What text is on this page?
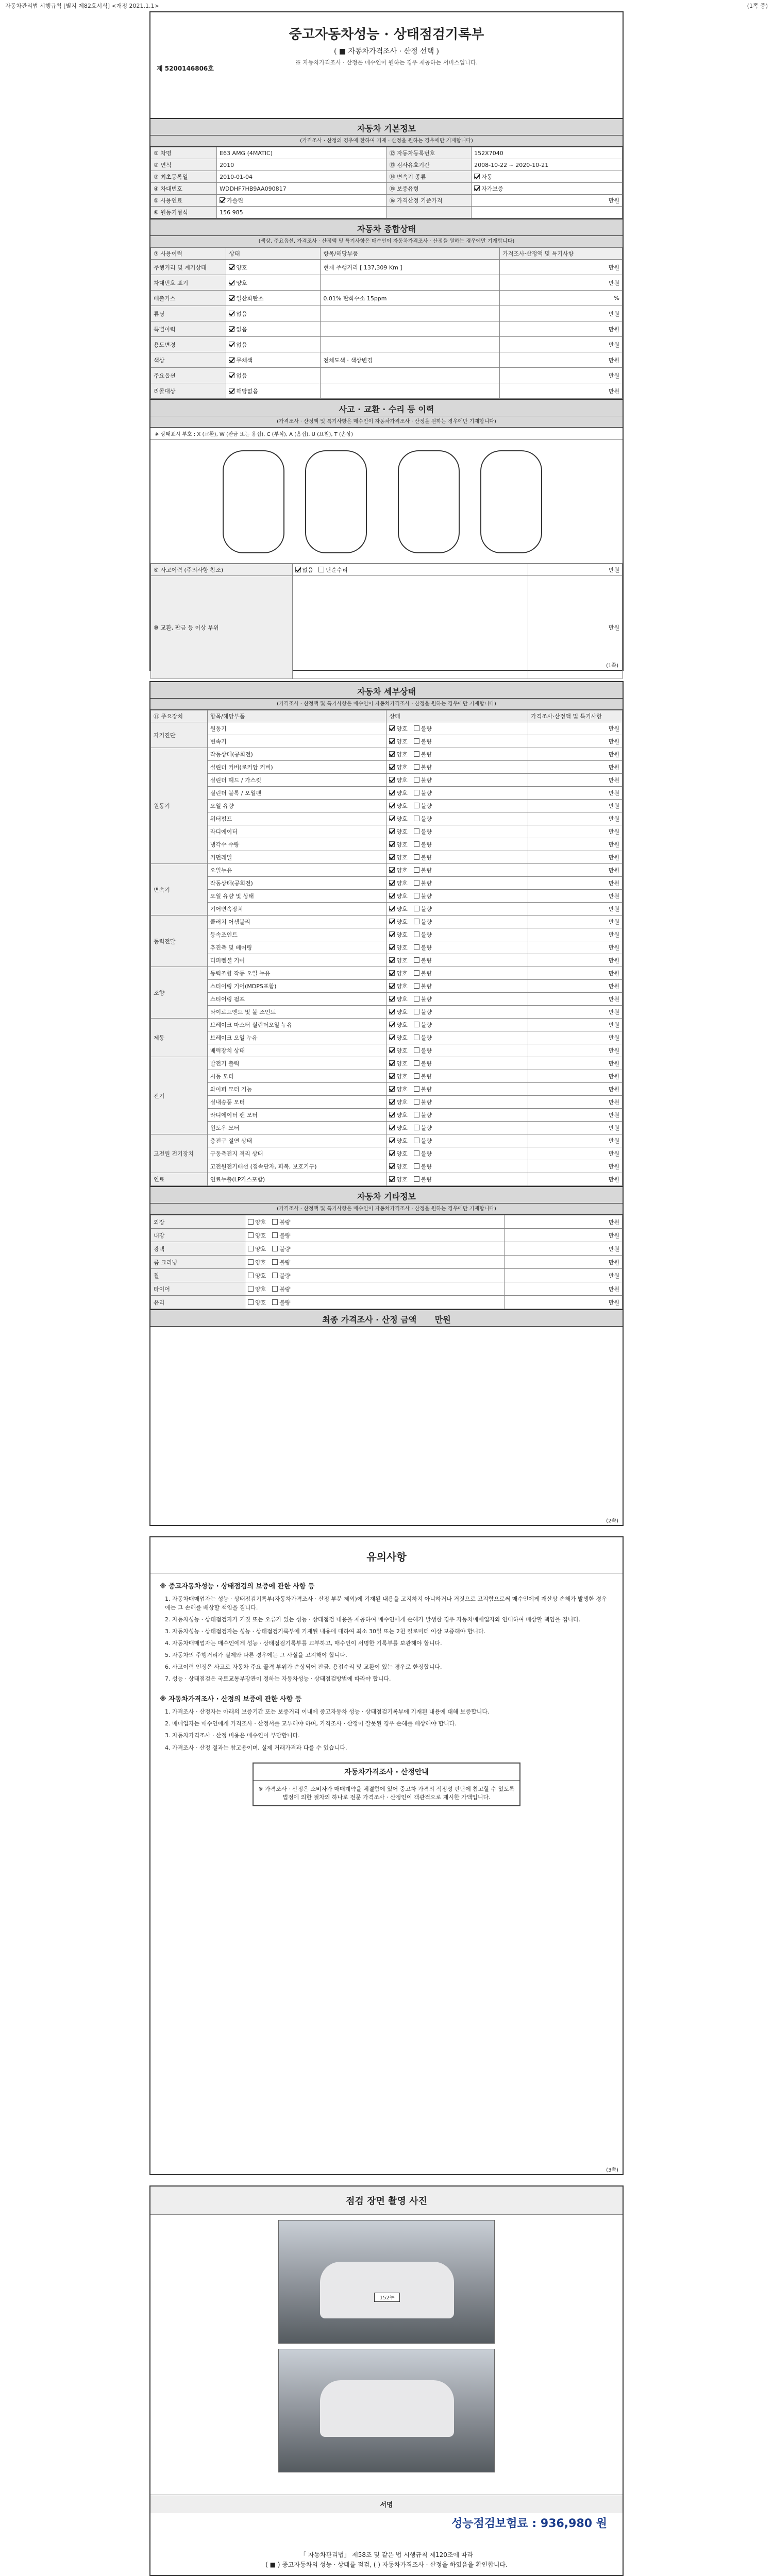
자동차관리법 시행규칙 [별지 제82호서식] <개정 2021.1.1>	(1쪽 중)
중고자동차성능 · 상태점검기록부
( ■ 자동차가격조사 · 산정 선택 )
※ 자동차가격조사 · 산정은 매수인이 원하는 경우 제공하는 서비스입니다.
제 5200146806호
자동차 기본정보
(가격조사 · 산정의 경우에 한하여 기재 · 산정을 원하는 경우에만 기재합니다)
① 차명	E63 AMG (4MATIC)	⑫ 자동차등록번호	152X7040
② 연식	2010	⑬ 검사유효기간	2008-10-22 ~ 2020-10-21
③ 최초등록일	2010-01-04	⑭ 변속기 종류	자동
④ 차대번호	WDDHF7HB9AA090817	⑮ 보증유형	자가보증
⑤ 사용연료	가솔린	⑯ 가격산정 기준가격	만원
⑥ 원동기형식	156 985		
자동차 종합상태
(색상, 주요옵션, 가격조사 · 산정액 및 특기사항은 매수인이 자동차가격조사 · 산정을 원하는 경우에만 기재합니다)
⑦ 사용이력	상태	항목/해당부품	가격조사·산정액 및 특기사항
주행거리 및 계기상태	양호	현재 주행거리 [ 137,309 Km ]	만원
차대번호 표기	양호		만원
배출가스	일산화탄소	0.01% 탄화수소 15ppm	%
튜닝	없음		만원
특별이력	없음		만원
용도변경	없음		만원
색상	무채색	전체도색 · 색상변경	만원
주요옵션	없음		만원
리콜대상	해당없음		만원
사고 · 교환 · 수리 등 이력
(가격조사 · 산정액 및 특기사항은 매수인이 자동차가격조사 · 산정을 원하는 경우에만 기재합니다)
※ 상태표시 부호 : X (교환), W (판금 또는 용접), C (부식), A (흠집), U (요철), T (손상)
⑨ 사고이력 (주의사항 참조)	없음 단순수리	만원
⑩ 교환, 판금 등 이상 부위		만원
(1쪽)
자동차 세부상태
(가격조사 · 산정액 및 특기사항은 매수인이 자동차가격조사 · 산정을 원하는 경우에만 기재합니다)
⑪ 주요장치	항목/해당부품	상태	가격조사·산정액 및 특기사항
자기진단	원동기	양호 불량	만원
	변속기	양호 불량	만원
원동기	작동상태(공회전)	양호 불량	만원
	실린더 커버(로커암 커버)	양호 불량	만원
	실린더 헤드 / 가스킷	양호 불량	만원
	실린더 블록 / 오일팬	양호 불량	만원
	오일 유량	양호 불량	만원
	워터펌프	양호 불량	만원
	라디에이터	양호 불량	만원
	냉각수 수량	양호 불량	만원
	커먼레일	양호 불량	만원
변속기	오일누유	양호 불량	만원
	작동상태(공회전)	양호 불량	만원
	오일 유량 및 상태	양호 불량	만원
	기어변속장치	양호 불량	만원
동력전달	클러치 어셈블리	양호 불량	만원
	등속조인트	양호 불량	만원
	추진축 및 베어링	양호 불량	만원
	디퍼렌셜 기어	양호 불량	만원
조향	동력조향 작동 오일 누유	양호 불량	만원
	스티어링 기어(MDPS포함)	양호 불량	만원
	스티어링 펌프	양호 불량	만원
	타이로드엔드 및 볼 조인트	양호 불량	만원
제동	브레이크 마스터 실린더오일 누유	양호 불량	만원
	브레이크 오일 누유	양호 불량	만원
	배력장치 상태	양호 불량	만원
전기	발전기 출력	양호 불량	만원
	시동 모터	양호 불량	만원
	와이퍼 모터 기능	양호 불량	만원
	실내송풍 모터	양호 불량	만원
	라디에이터 팬 모터	양호 불량	만원
	윈도우 모터	양호 불량	만원
고전원 전기장치	충전구 절연 상태	양호 불량	만원
	구동축전지 격리 상태	양호 불량	만원
	고전원전기배선 (접속단자, 피복, 보호기구)	양호 불량	만원
연료	연료누출(LP가스포함)	양호 불량	만원
자동차 기타정보
(가격조사 · 산정액 및 특기사항은 매수인이 자동차가격조사 · 산정을 원하는 경우에만 기재합니다)
외장	양호 불량	만원
내장	양호 불량	만원
광택	양호 불량	만원
룸 크리닝	양호 불량	만원
휠	양호 불량	만원
타이어	양호 불량	만원
유리	양호 불량	만원
최종 가격조사 · 산정 금액 만원
(2쪽)
유의사항
※ 중고자동차성능 · 상태점검의 보증에 관한 사항 등
1. 자동차매매업자는 성능 · 상태점검기록부(자동차가격조사 · 산정 부분 제외)에 기재된 내용을 고지하지 아니하거나 거짓으로 고지함으로써 매수인에게 재산상 손해가 발생한 경우에는 그 손해를 배상할 책임을 집니다.
2. 자동차성능 · 상태점검자가 거짓 또는 오류가 있는 성능 · 상태점검 내용을 제공하여 매수인에게 손해가 발생한 경우 자동차매매업자와 연대하여 배상할 책임을 집니다.
3. 자동차성능 · 상태점검자는 성능 · 상태점검기록부에 기재된 내용에 대하여 최소 30일 또는 2천 킬로미터 이상 보증해야 합니다.
4. 자동차매매업자는 매수인에게 성능 · 상태점검기록부를 교부하고, 매수인이 서명한 기록부를 보관해야 합니다.
5. 자동차의 주행거리가 실제와 다른 경우에는 그 사실을 고지해야 합니다.
6. 사고이력 인정은 사고로 자동차 주요 골격 부위가 손상되어 판금, 용접수리 및 교환이 있는 경우로 한정합니다.
7. 성능 · 상태점검은 국토교통부장관이 정하는 자동차성능 · 상태점검방법에 따라야 합니다.
※ 자동차가격조사 · 산정의 보증에 관한 사항 등
1. 가격조사 · 산정자는 아래의 보증기간 또는 보증거리 이내에 중고자동차 성능 · 상태점검기록부에 기재된 내용에 대해 보증합니다.
2. 매매업자는 매수인에게 가격조사 · 산정서를 교부해야 하며, 가격조사 · 산정이 잘못된 경우 손해를 배상해야 합니다.
3. 자동차가격조사 · 산정 비용은 매수인이 부담합니다.
4. 가격조사 · 산정 결과는 참고용이며, 실제 거래가격과 다를 수 있습니다.
자동차가격조사 · 산정안내
※ 가격조사 · 산정은 소비자가 매매계약을 체결함에 있어 중고차 가격의 적정성 판단에 참고할 수 있도록 법정에 의한 절차의 하나로 전문 가격조사 · 산정인이 객관적으로 제시한 가액입니다.
(3쪽)
점검 장면 촬영 사진
152누
서명
성능점검보험료 : 936,980 원
「 자동차관리법」 제58조 및 같은 법 시행규칙 제120조에 따라
( ■ ) 중고자동차의 성능 · 상태를 점검, ( ) 자동차가격조사 · 산정을 하였음을 확인합니다.
